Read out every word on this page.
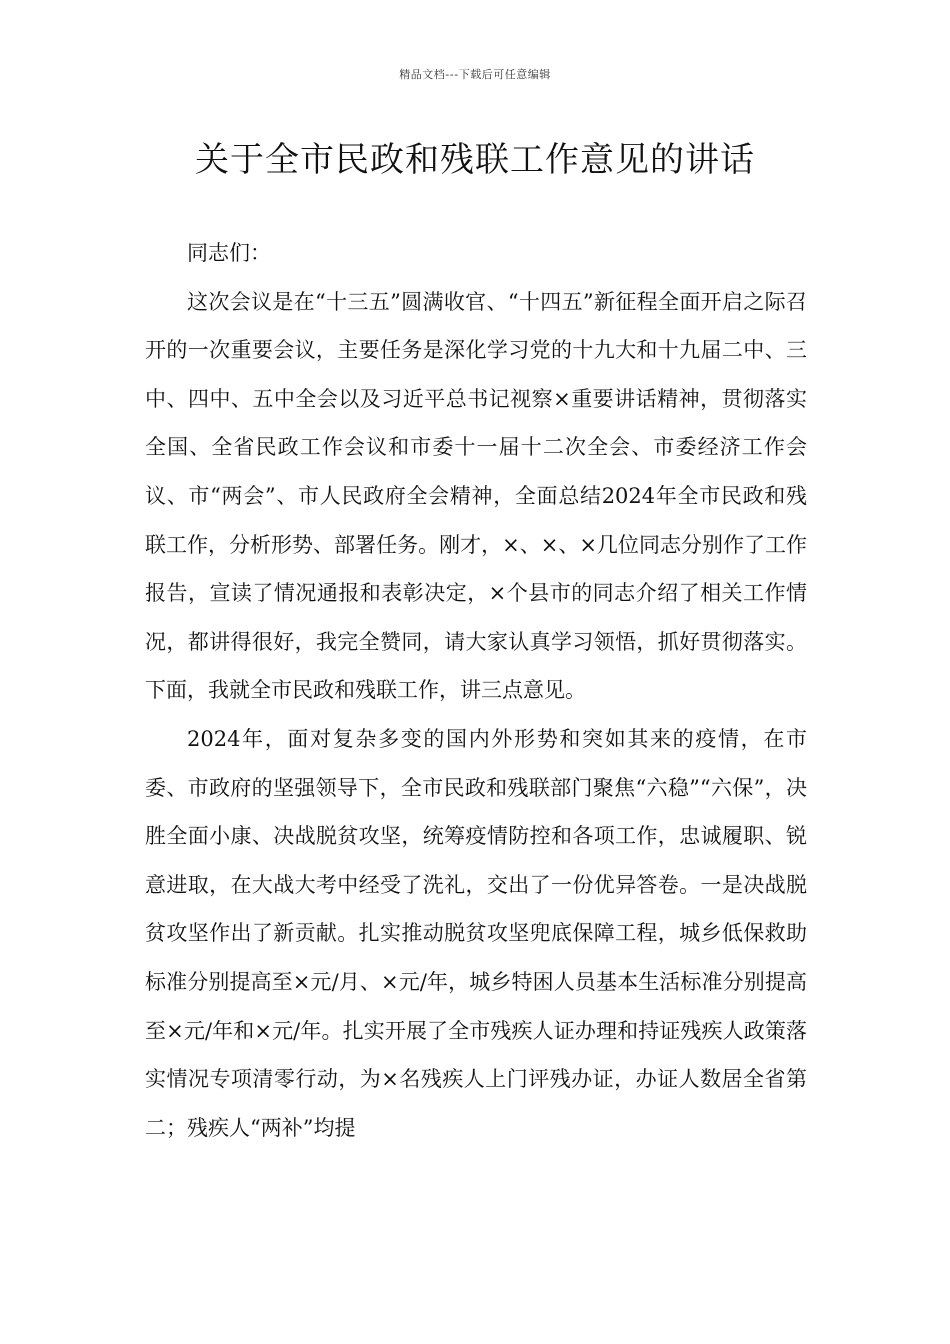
精品文档---下载后可任意编辑
关于全市民政和残联工作意见的讲话

同志们：

这次会议是在“十三五”圆满收官、“十四五”新征程全面开启之际召开的一次重要会议，主要任务是深化学习党的十九大和十九届二中、三中、四中、五中全会以及习近平总书记视察×重要讲话精神，贯彻落实全国、全省民政工作会议和市委十一届十二次全会、市委经济工作会议、市“两会”、市人民政府全会精神，全面总结2024年全市民政和残联工作，分析形势、部署任务。刚才，×、×、×几位同志分别作了工作报告，宣读了情况通报和表彰决定，×个县市的同志介绍了相关工作情况，都讲得很好，我完全赞同，请大家认真学习领悟，抓好贯彻落实。下面，我就全市民政和残联工作，讲三点意见。

2024年，面对复杂多变的国内外形势和突如其来的疫情，在市委、市政府的坚强领导下，全市民政和残联部门聚焦“六稳”“六保”，决胜全面小康、决战脱贫攻坚，统筹疫情防控和各项工作，忠诚履职、锐意进取，在大战大考中经受了洗礼，交出了一份优异答卷。一是决战脱贫攻坚作出了新贡献。扎实推动脱贫攻坚兜底保障工程，城乡低保救助标准分别提高至×元/月、×元/年，城乡特困人员基本生活标准分别提高至×元/年和×元/年。扎实开展了全市残疾人证办理和持证残疾人政策落实情况专项清零行动，为×名残疾人上门评残办证，办证人数居全省第二；残疾人“两补”均提
